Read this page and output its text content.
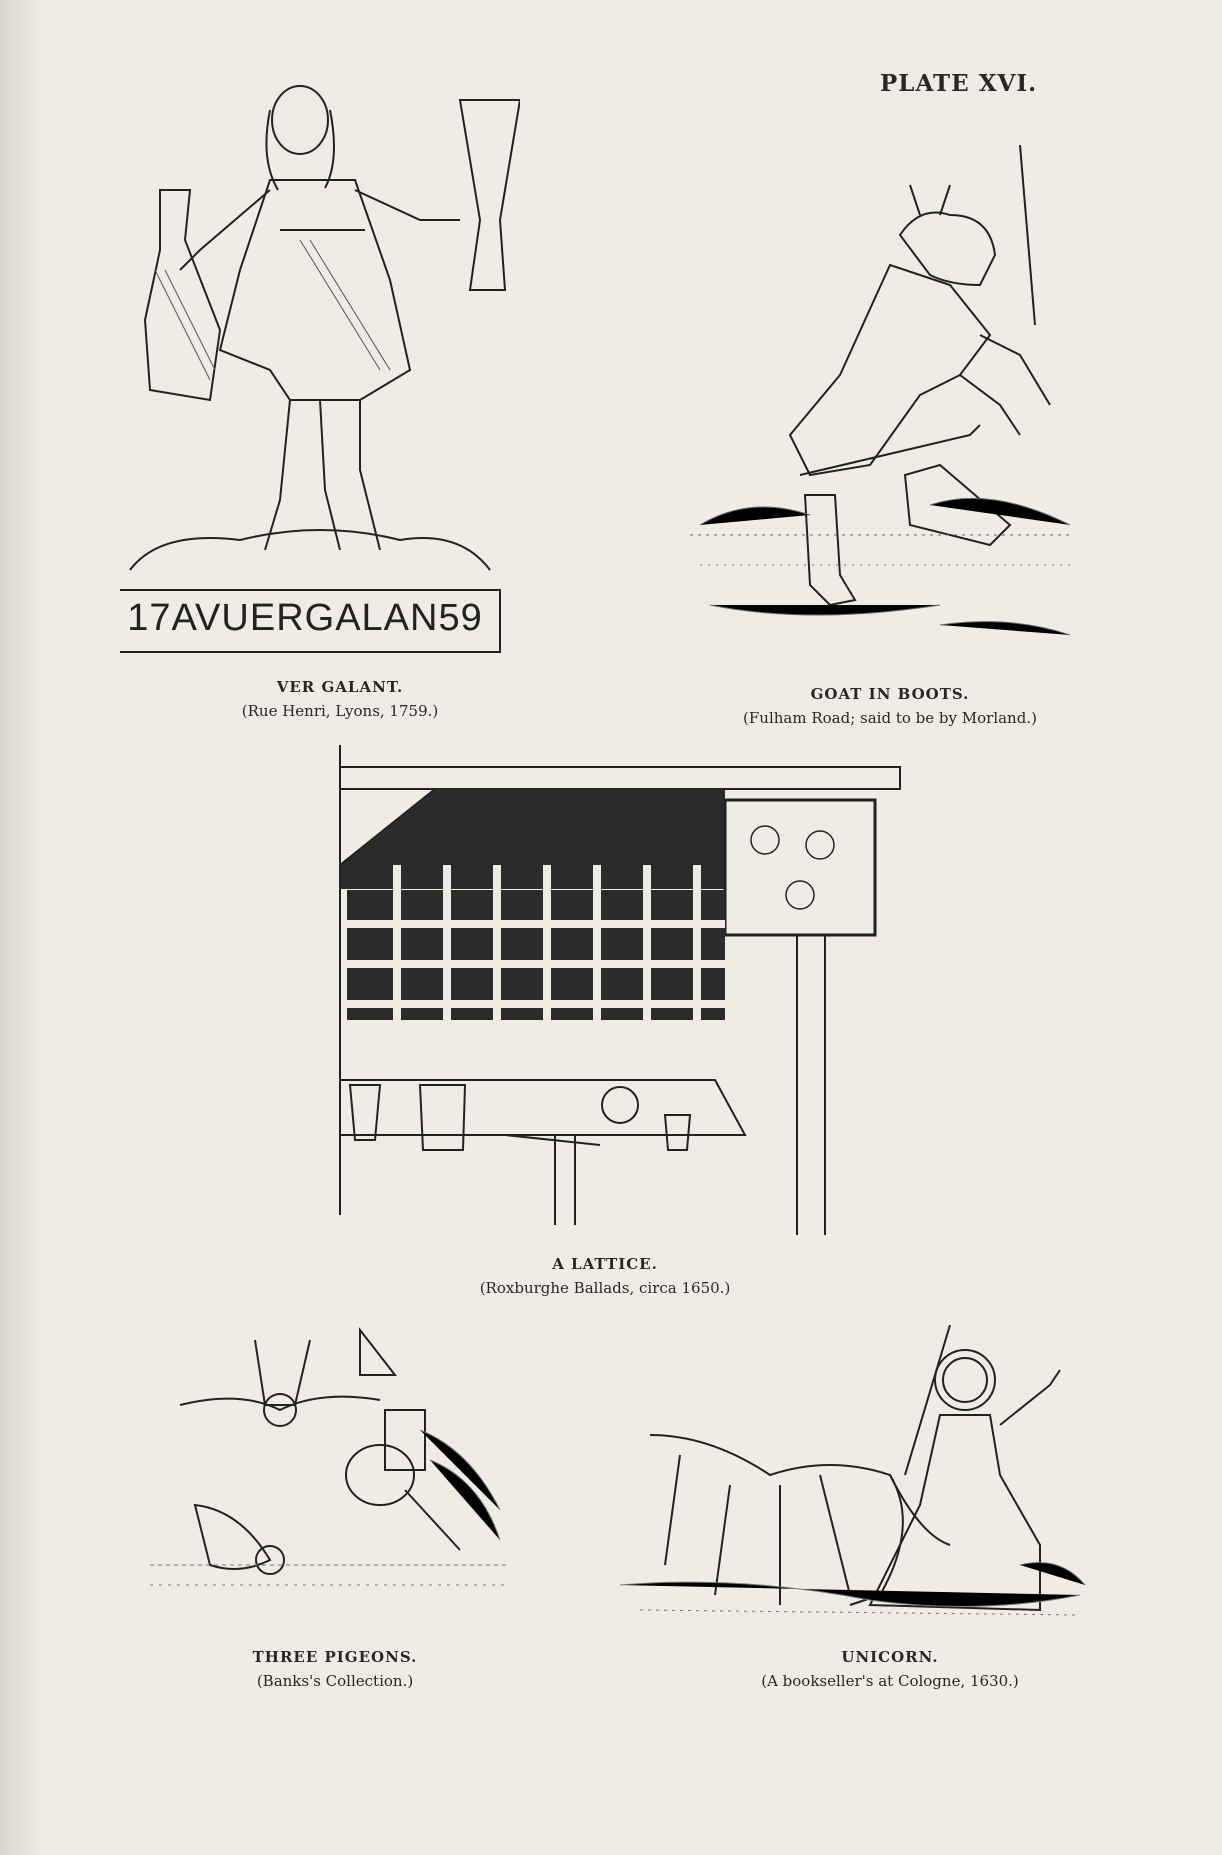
PLATE XVI.
17AVUERGALAN59
VER GALANT.
(Rue Henri, Lyons, 1759.)
GOAT IN BOOTS.
(Fulham Road; said to be by Morland.)
A LATTICE.
(Roxburghe Ballads, circa 1650.)
THREE PIGEONS.
(Banks's Collection.)
UNICORN.
(A bookseller's at Cologne, 1630.)
